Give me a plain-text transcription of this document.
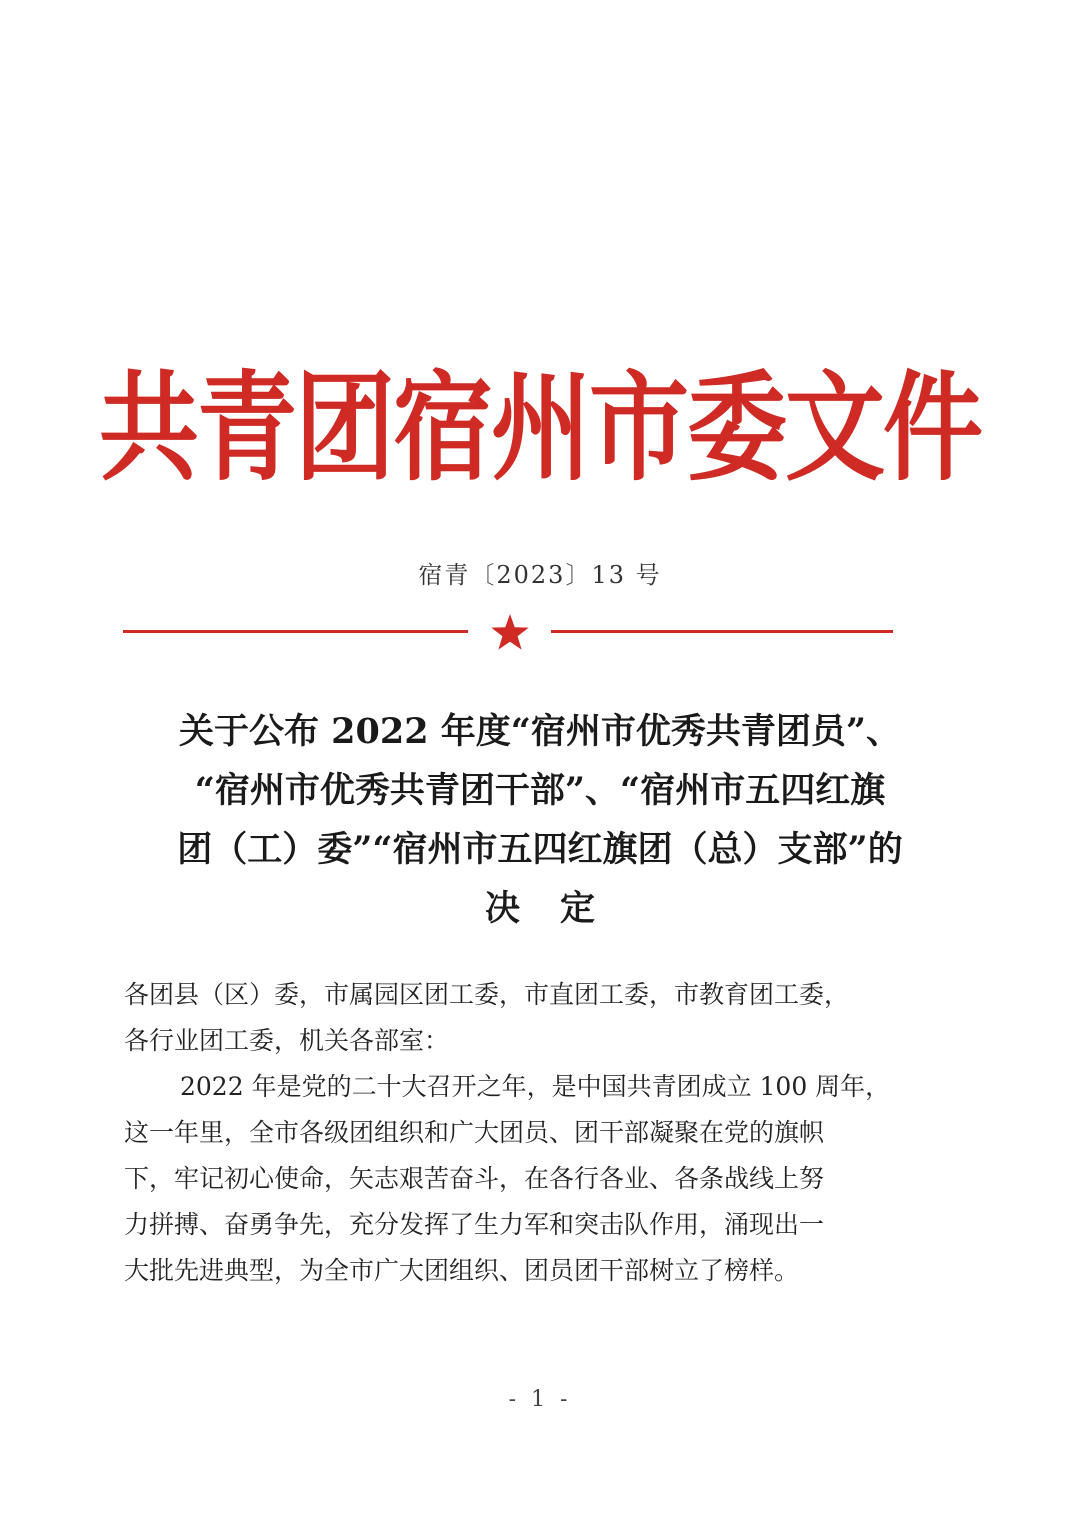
共青团宿州市委文件
宿青〔2023〕13 号
关于公布 2022 年度“宿州市优秀共青团员”、
“宿州市优秀共青团干部”、“宿州市五四红旗
团（工）委”“宿州市五四红旗团（总）支部”的
决定
各团县（区）委，市属园区团工委，市直团工委，市教育团工委，
各行业团工委，机关各部室：
2022 年是党的二十大召开之年，是中国共青团成立 100 周年，
这一年里，全市各级团组织和广大团员、团干部凝聚在党的旗帜
下，牢记初心使命，矢志艰苦奋斗，在各行各业、各条战线上努
力拼搏、奋勇争先，充分发挥了生力军和突击队作用，涌现出一
大批先进典型，为全市广大团组织、团员团干部树立了榜样。
- 1 -
